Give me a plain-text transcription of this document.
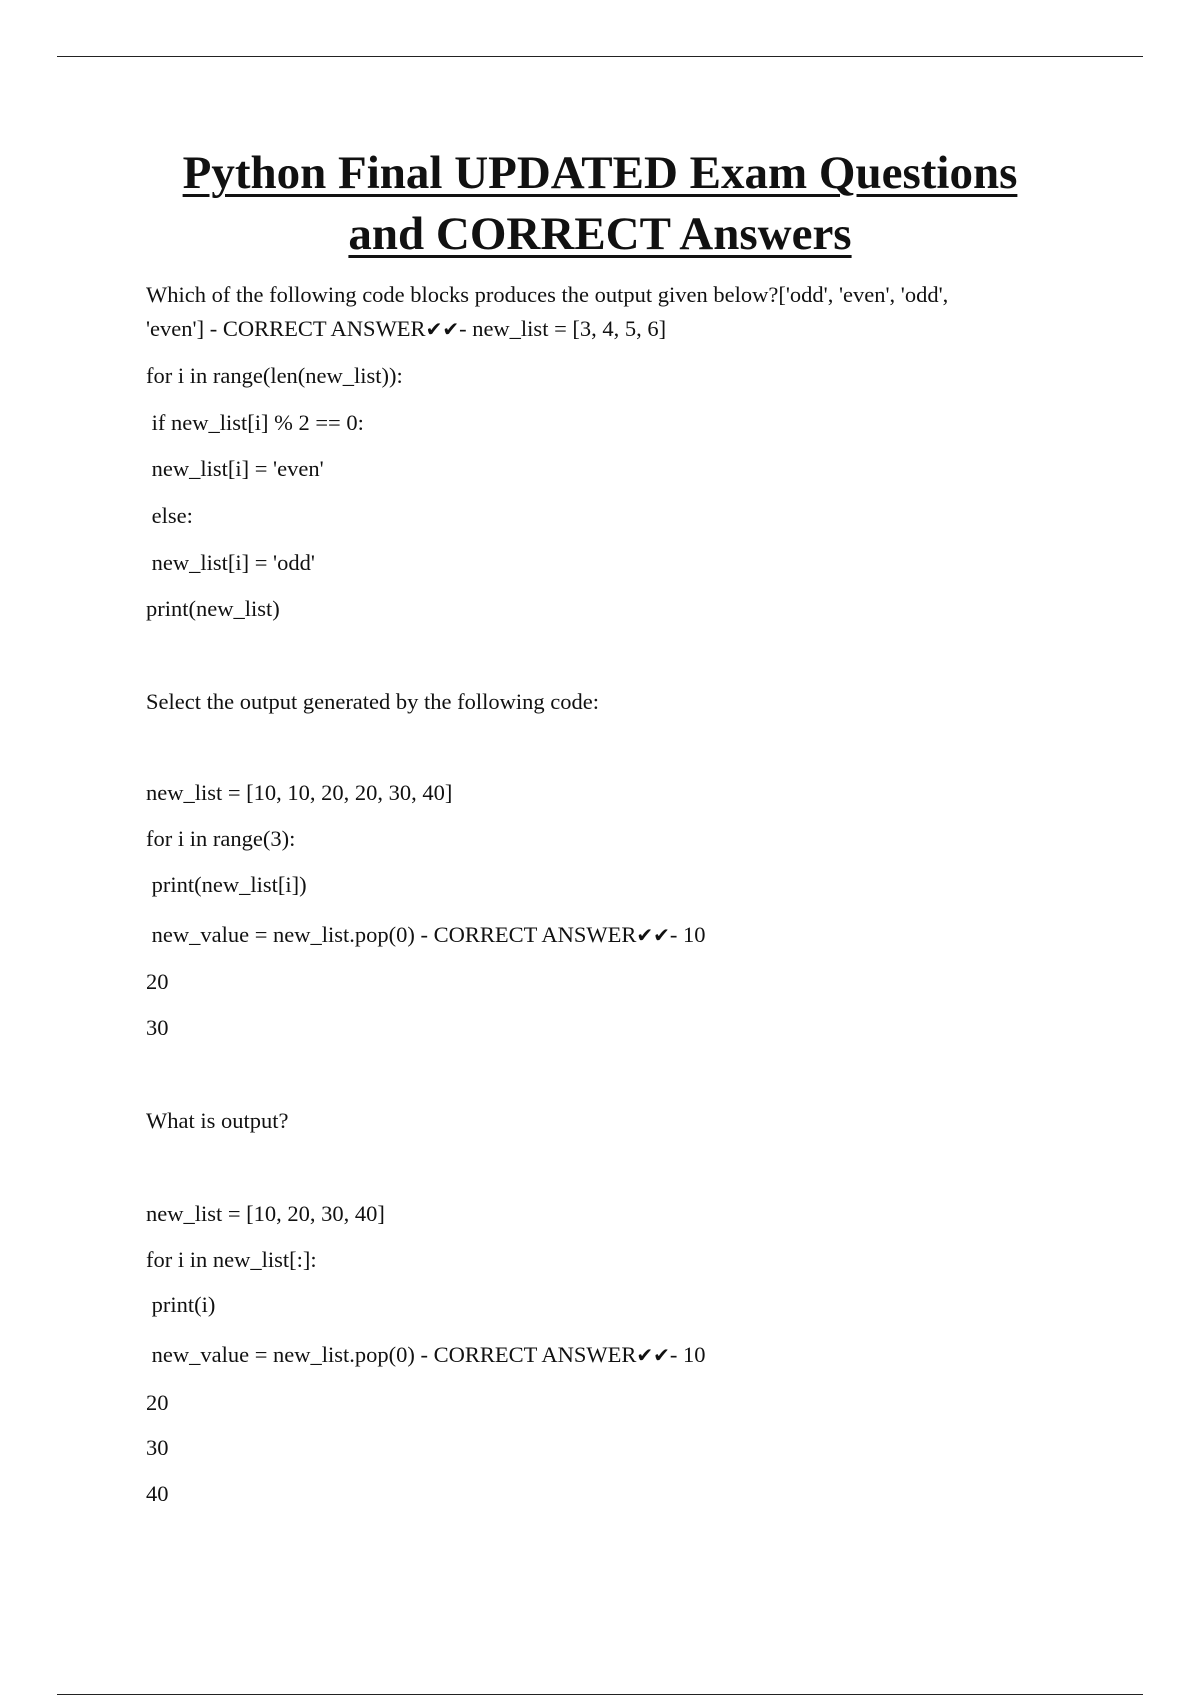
Python Final UPDATED Exam Questions
and CORRECT Answers
Which of the following code blocks produces the output given below?['odd', 'even', 'odd',
'even'] - CORRECT ANSWER✔✔- new_list = [3, 4, 5, 6]
for i in range(len(new_list)):
if new_list[i] % 2 == 0:
new_list[i] = 'even'
else:
new_list[i] = 'odd'
print(new_list)
Select the output generated by the following code:
new_list = [10, 10, 20, 20, 30, 40]
for i in range(3):
print(new_list[i])
new_value = new_list.pop(0) - CORRECT ANSWER✔✔- 10
20
30
What is output?
new_list = [10, 20, 30, 40]
for i in new_list[:]:
print(i)
new_value = new_list.pop(0) - CORRECT ANSWER✔✔- 10
20
30
40
